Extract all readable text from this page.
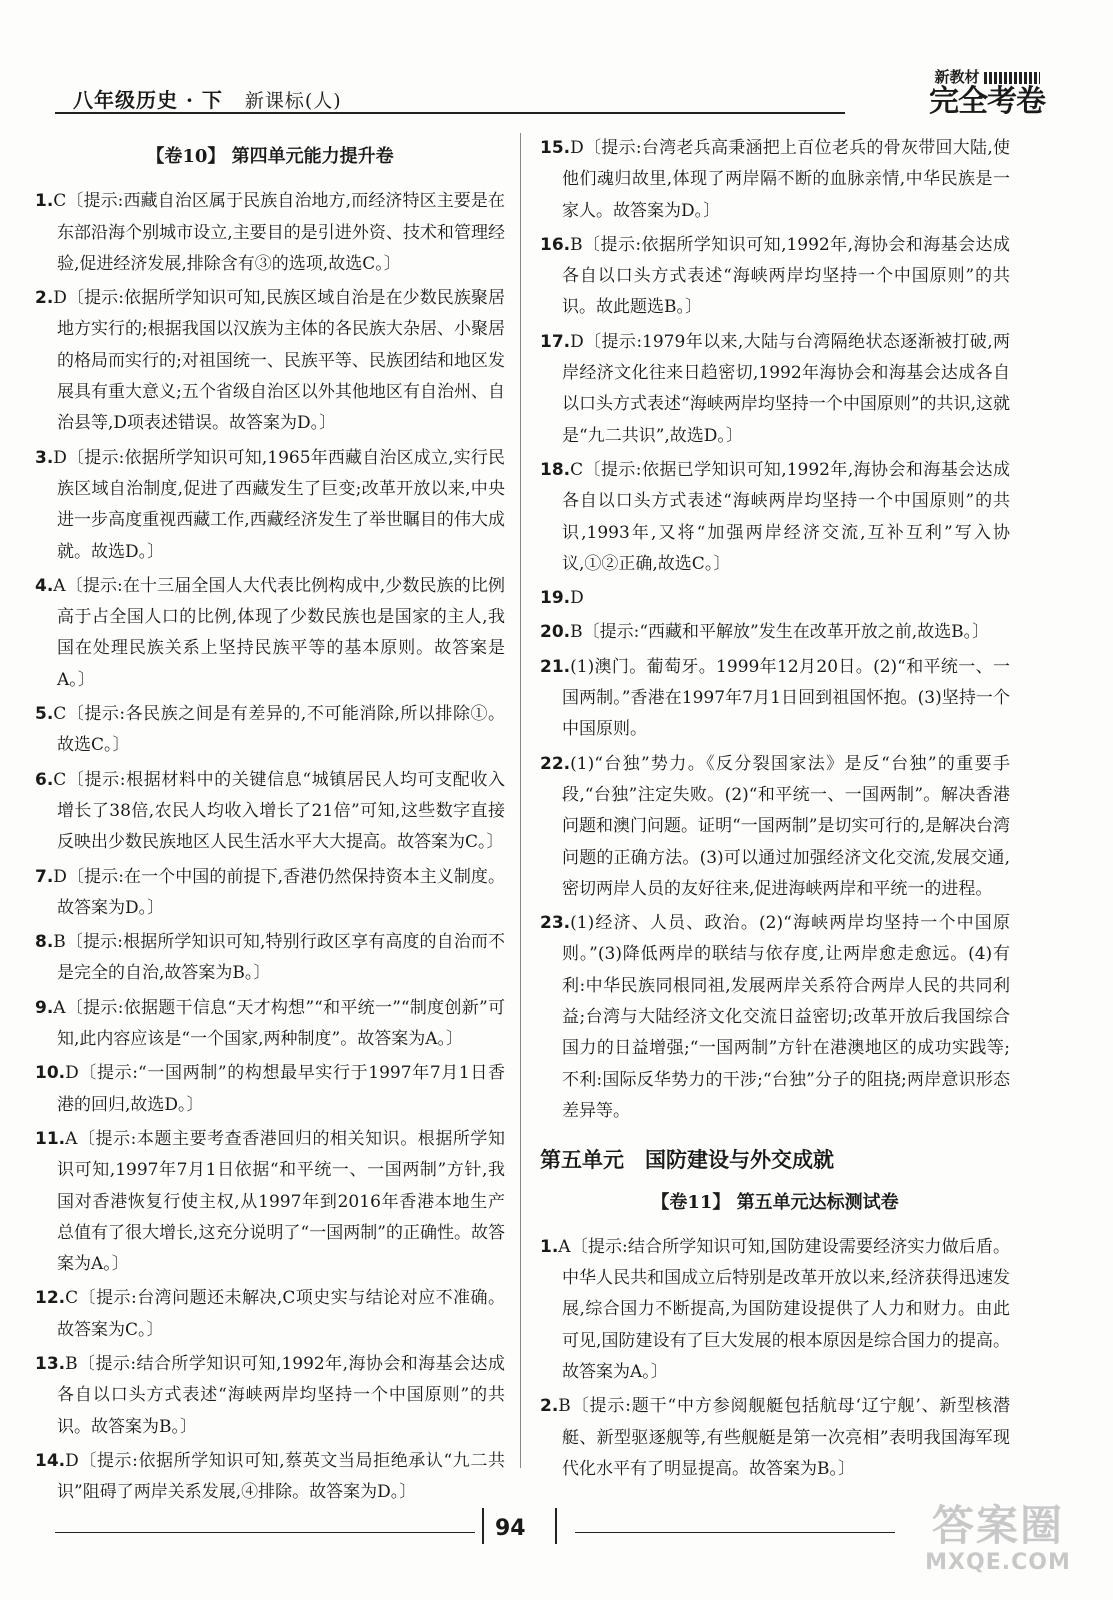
八年级历史 · 下 新课标(人)
新教材
完全考卷
【卷10】 第四单元能力提升卷
1.C〔提示:西藏自治区属于民族自治地方,而经济特区主要是在东部沿海个别城市设立,主要目的是引进外资、技术和管理经验,促进经济发展,排除含有③的选项,故选C。〕
2.D〔提示:依据所学知识可知,民族区域自治是在少数民族聚居地方实行的;根据我国以汉族为主体的各民族大杂居、小聚居的格局而实行的;对祖国统一、民族平等、民族团结和地区发展具有重大意义;五个省级自治区以外其他地区有自治州、自治县等,D项表述错误。故答案为D。〕
3.D〔提示:依据所学知识可知,1965年西藏自治区成立,实行民族区域自治制度,促进了西藏发生了巨变;改革开放以来,中央进一步高度重视西藏工作,西藏经济发生了举世瞩目的伟大成就。故选D。〕
4.A〔提示:在十三届全国人大代表比例构成中,少数民族的比例高于占全国人口的比例,体现了少数民族也是国家的主人,我国在处理民族关系上坚持民族平等的基本原则。故答案是A。〕
5.C〔提示:各民族之间是有差异的,不可能消除,所以排除①。故选C。〕
6.C〔提示:根据材料中的关键信息“城镇居民人均可支配收入增长了38倍,农民人均收入增长了21倍”可知,这些数字直接反映出少数民族地区人民生活水平大大提高。故答案为C。〕
7.D〔提示:在一个中国的前提下,香港仍然保持资本主义制度。故答案为D。〕
8.B〔提示:根据所学知识可知,特别行政区享有高度的自治而不是完全的自治,故答案为B。〕
9.A〔提示:依据题干信息“天才构想”“和平统一”“制度创新”可知,此内容应该是“一个国家,两种制度”。故答案为A。〕
10.D〔提示:“一国两制”的构想最早实行于1997年7月1日香港的回归,故选D。〕
11.A〔提示:本题主要考查香港回归的相关知识。根据所学知识可知,1997年7月1日依据“和平统一、一国两制”方针,我国对香港恢复行使主权,从1997年到2016年香港本地生产总值有了很大增长,这充分说明了“一国两制”的正确性。故答案为A。〕
12.C〔提示:台湾问题还未解决,C项史实与结论对应不准确。故答案为C。〕
13.B〔提示:结合所学知识可知,1992年,海协会和海基会达成各自以口头方式表述“海峡两岸均坚持一个中国原则”的共识。故答案为B。〕
14.D〔提示:依据所学知识可知,蔡英文当局拒绝承认“九二共识”阻碍了两岸关系发展,④排除。故答案为D。〕
15.D〔提示:台湾老兵高秉涵把上百位老兵的骨灰带回大陆,使他们魂归故里,体现了两岸隔不断的血脉亲情,中华民族是一家人。故答案为D。〕
16.B〔提示:依据所学知识可知,1992年,海协会和海基会达成各自以口头方式表述“海峡两岸均坚持一个中国原则”的共识。故此题选B。〕
17.D〔提示:1979年以来,大陆与台湾隔绝状态逐渐被打破,两岸经济文化往来日趋密切,1992年海协会和海基会达成各自以口头方式表述“海峡两岸均坚持一个中国原则”的共识,这就是“九二共识”,故选D。〕
18.C〔提示:依据已学知识可知,1992年,海协会和海基会达成各自以口头方式表述“海峡两岸均坚持一个中国原则”的共识,1993年,又将“加强两岸经济交流,互补互利”写入协议,①②正确,故选C。〕
19.D
20.B〔提示:“西藏和平解放”发生在改革开放之前,故选B。〕
21.(1)澳门。葡萄牙。1999年12月20日。(2)“和平统一、一国两制。”香港在1997年7月1日回到祖国怀抱。(3)坚持一个中国原则。
22.(1)“台独”势力。《反分裂国家法》是反“台独”的重要手段,“台独”注定失败。(2)“和平统一、一国两制”。解决香港问题和澳门问题。证明“一国两制”是切实可行的,是解决台湾问题的正确方法。(3)可以通过加强经济文化交流,发展交通,密切两岸人员的友好往来,促进海峡两岸和平统一的进程。
23.(1)经济、人员、政治。(2)“海峡两岸均坚持一个中国原则。”(3)降低两岸的联结与依存度,让两岸愈走愈远。(4)有利:中华民族同根同祖,发展两岸关系符合两岸人民的共同利益;台湾与大陆经济文化交流日益密切;改革开放后我国综合国力的日益增强;“一国两制”方针在港澳地区的成功实践等;不利:国际反华势力的干涉;“台独”分子的阻挠;两岸意识形态差异等。
第五单元　国防建设与外交成就
【卷11】 第五单元达标测试卷
1.A〔提示:结合所学知识可知,国防建设需要经济实力做后盾。中华人民共和国成立后特别是改革开放以来,经济获得迅速发展,综合国力不断提高,为国防建设提供了人力和财力。由此可见,国防建设有了巨大发展的根本原因是综合国力的提高。故答案为A。〕
2.B〔提示:题干“中方参阅舰艇包括航母‘辽宁舰’、新型核潜艇、新型驱逐舰等,有些舰艇是第一次亮相”表明我国海军现代化水平有了明显提高。故答案为B。〕
94	答案圈
MXQE.COM
